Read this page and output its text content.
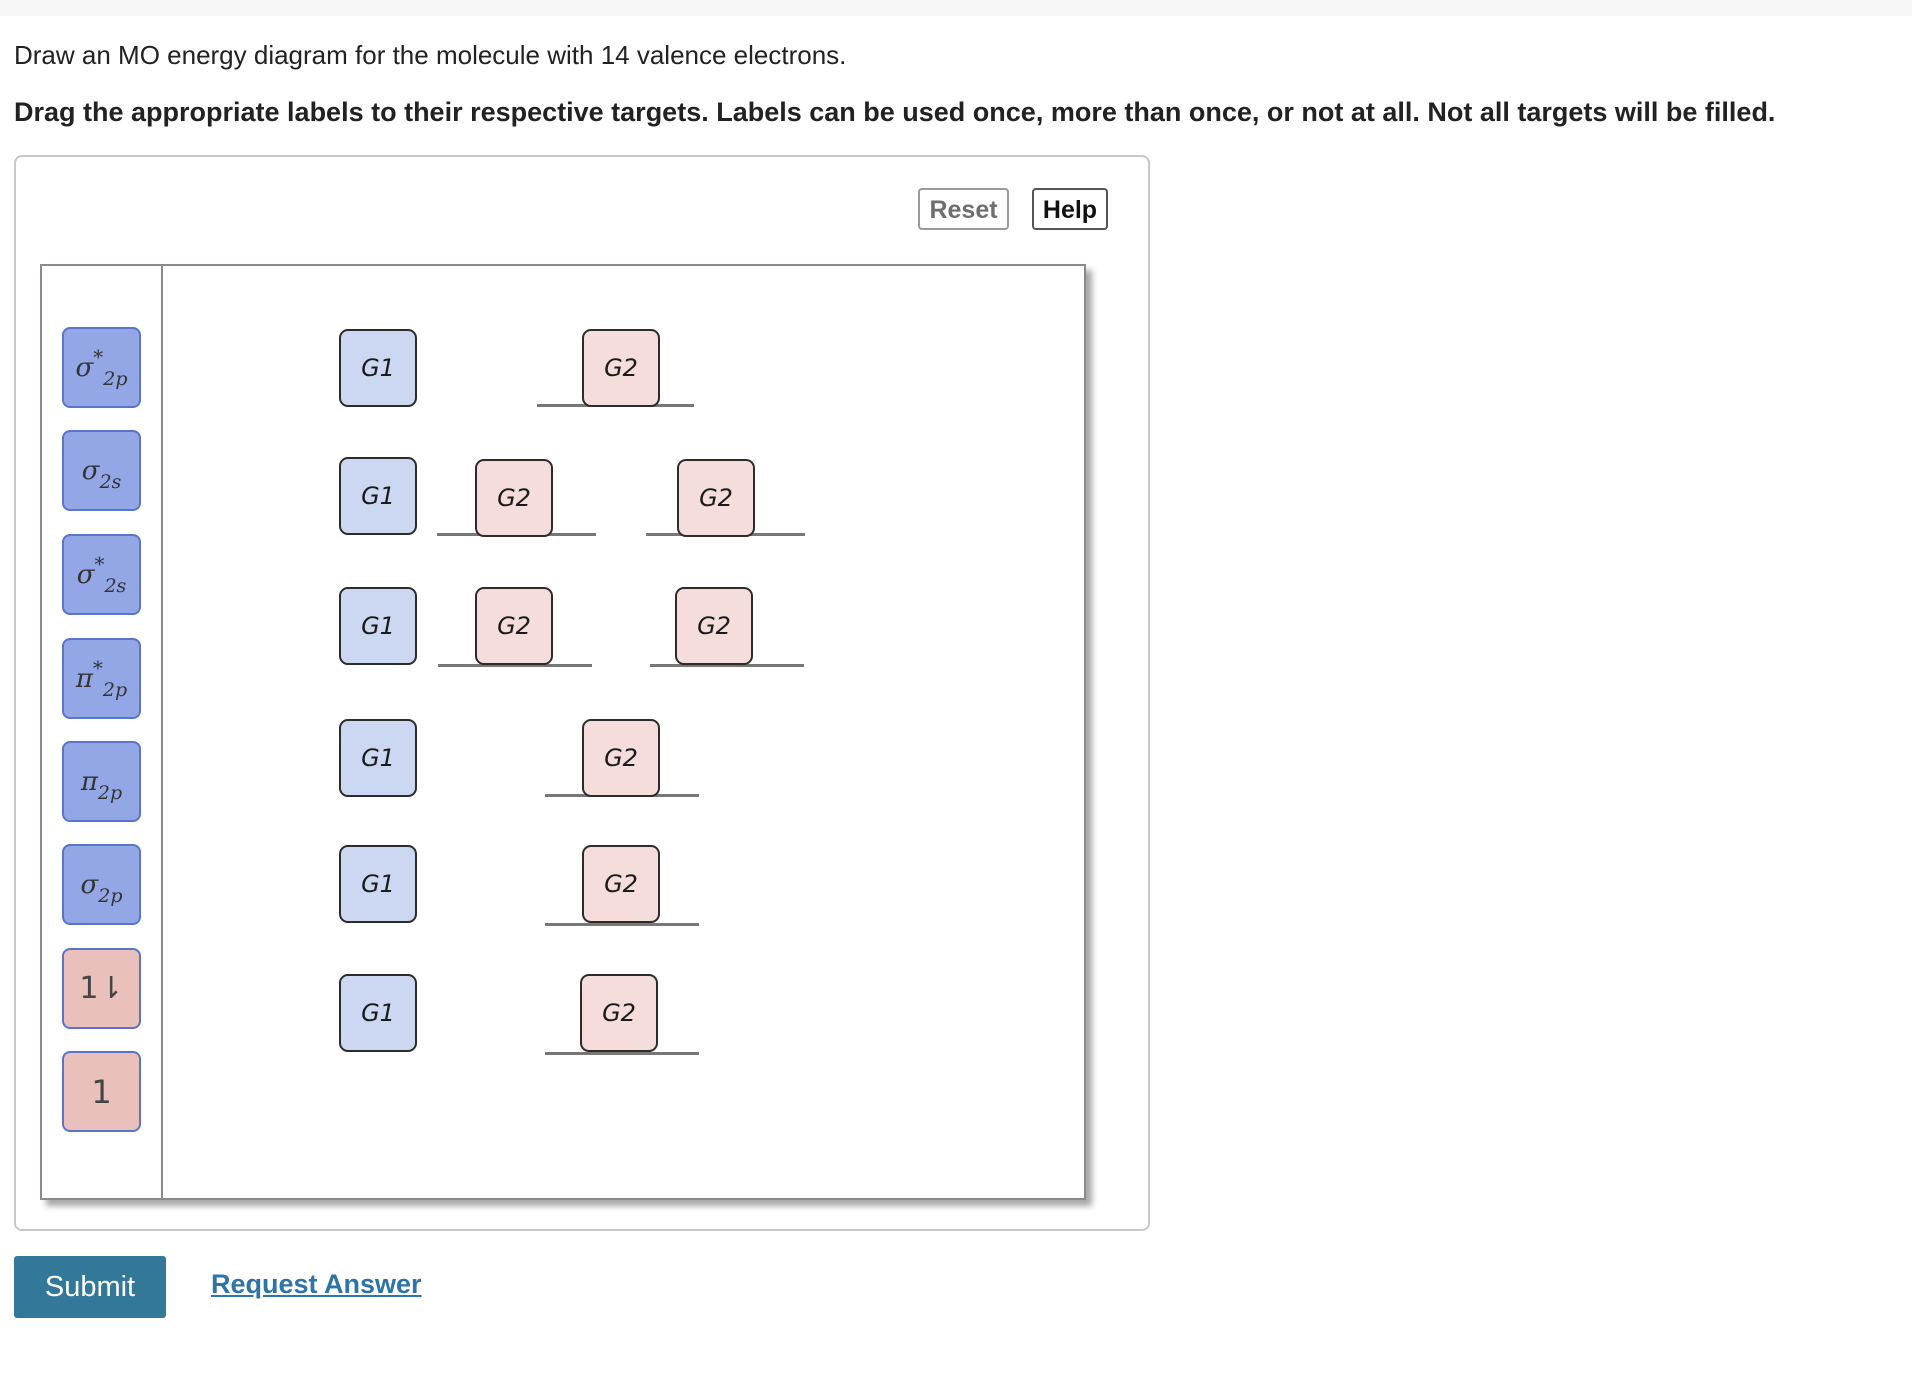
Draw an MO energy diagram for the molecule with 14 valence electrons.
Drag the appropriate labels to their respective targets. Labels can be used once, more than once, or not at all. Not all targets will be filled.
Reset	Help
$\sigma^*_{2p}$
$\sigma_{2s}$
$\sigma^*_{2s}$
$\pi^*_{2p}$
$\pi_{2p}$
$\sigma_{2p}$
1⇂
1
G1
G1
G1
G1
G1
G1
G2
G2	G2
G2	G2
G2
G2
G2
Submit	Request Answer
